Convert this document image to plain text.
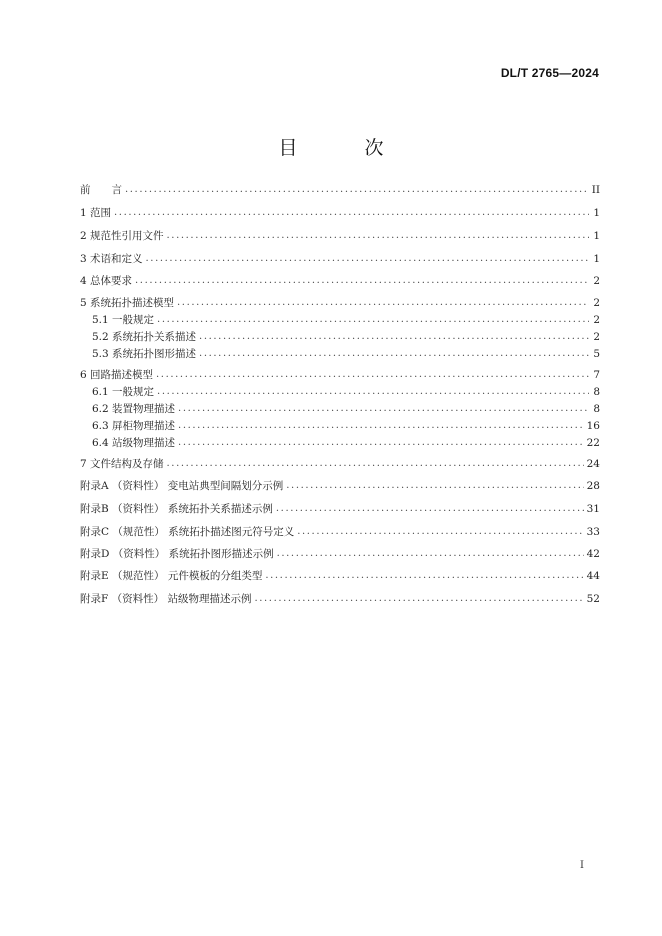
DL/T 2765—2024
目　次
前　　言 .....	II
1 范围 .....	1
2 规范性引用文件 .....	1
3 术语和定义 .....	1
4 总体要求 .....	2
5 系统拓扑描述模型 .....	2
5.1 一般规定 .....	2
5.2 系统拓扑关系描述 .....	2
5.3 系统拓扑图形描述 .....	5
6 回路描述模型 .....	7
6.1 一般规定 .....	8
6.2 装置物理描述 .....	8
6.3 屏柜物理描述 .....	16
6.4 站级物理描述 .....	22
7 文件结构及存储 .....	24
附录A （资料性） 变电站典型间隔划分示例 .....	28
附录B （资料性） 系统拓扑关系描述示例 .....	31
附录C （规范性） 系统拓扑描述图元符号定义 .....	33
附录D （资料性） 系统拓扑图形描述示例 .....	42
附录E （规范性） 元件模板的分组类型 .....	44
附录F （资料性） 站级物理描述示例 .....	52
I
